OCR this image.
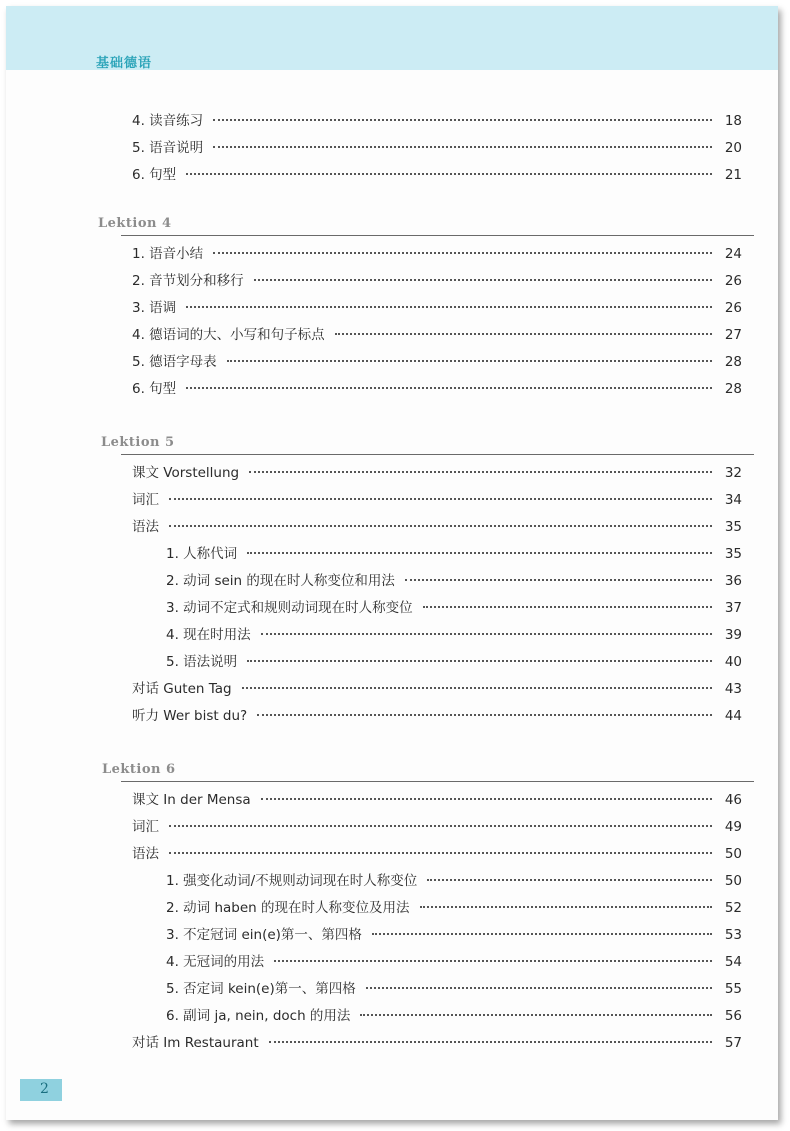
基础德语
4. 读音练习	18
5. 语音说明	20
6. 句型	21
Lektion 4
1. 语音小结	24
2. 音节划分和移行	26
3. 语调	26
4. 德语词的大、小写和句子标点	27
5. 德语字母表	28
6. 句型	28
Lektion 5
课文 Vorstellung	32
词汇	34
语法	35
1. 人称代词	35
2. 动词 sein 的现在时人称变位和用法	36
3. 动词不定式和规则动词现在时人称变位	37
4. 现在时用法	39
5. 语法说明	40
对话 Guten Tag	43
听力 Wer bist du?	44
Lektion 6
课文 In der Mensa	46
词汇	49
语法	50
1. 强变化动词/不规则动词现在时人称变位	50
2. 动词 haben 的现在时人称变位及用法	52
3. 不定冠词 ein(e)第一、第四格	53
4. 无冠词的用法	54
5. 否定词 kein(e)第一、第四格	55
6. 副词 ja, nein, doch 的用法	56
对话 Im Restaurant	57
2
